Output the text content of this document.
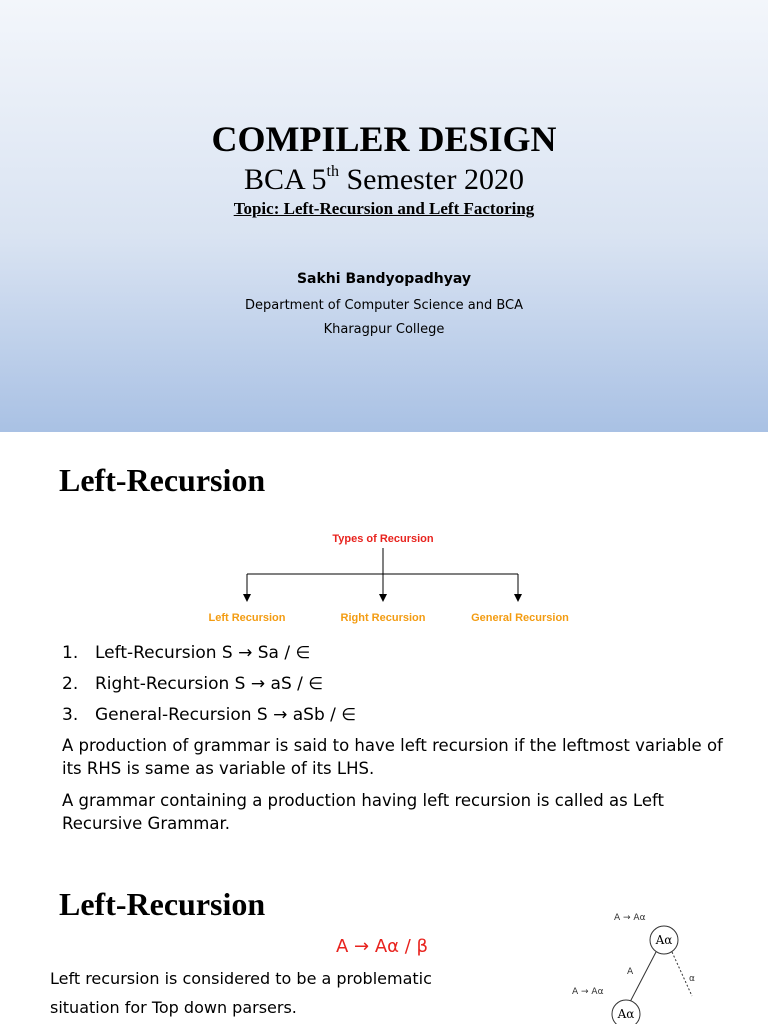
COMPILER DESIGN
BCA 5th Semester 2020
Topic: Left-Recursion and Left Factoring
Sakhi Bandyopadhyay
Department of Computer Science and BCA
Kharagpur College
Left-Recursion
Types of Recursion
Left Recursion	Right Recursion	General Recursion
1. Left-Recursion S → Sa / ∈
2. Right-Recursion S → aS / ∈
3. General-Recursion S → aSb / ∈

A production of grammar is said to have left recursion if the leftmost variable of its RHS is same as variable of its LHS.

A grammar containing a production having left recursion is called as Left Recursive Grammar.

Left-Recursion
A → Aα / β

Left recursion is considered to be a problematic situation for Top down parsers.

A → Aα
Aα
A
α
A → Aα
Aα
